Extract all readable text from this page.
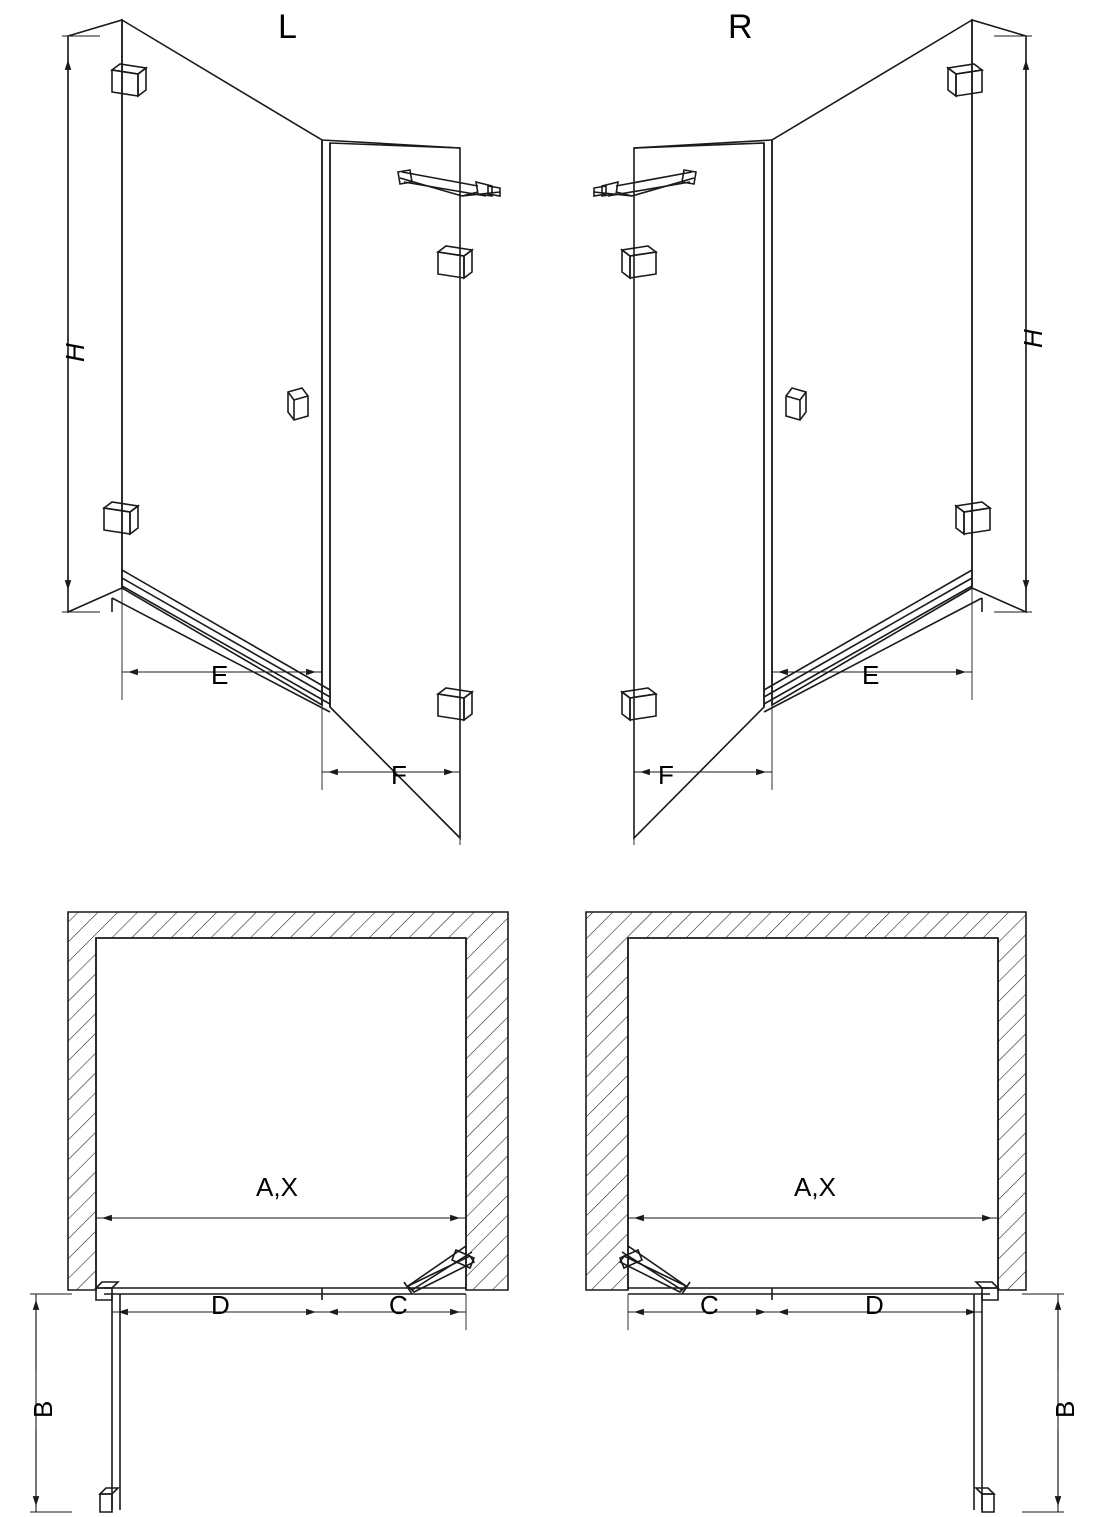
L	R
H
H
E
F
E
F
A,X	A,X
D	C	D
C
B	B
